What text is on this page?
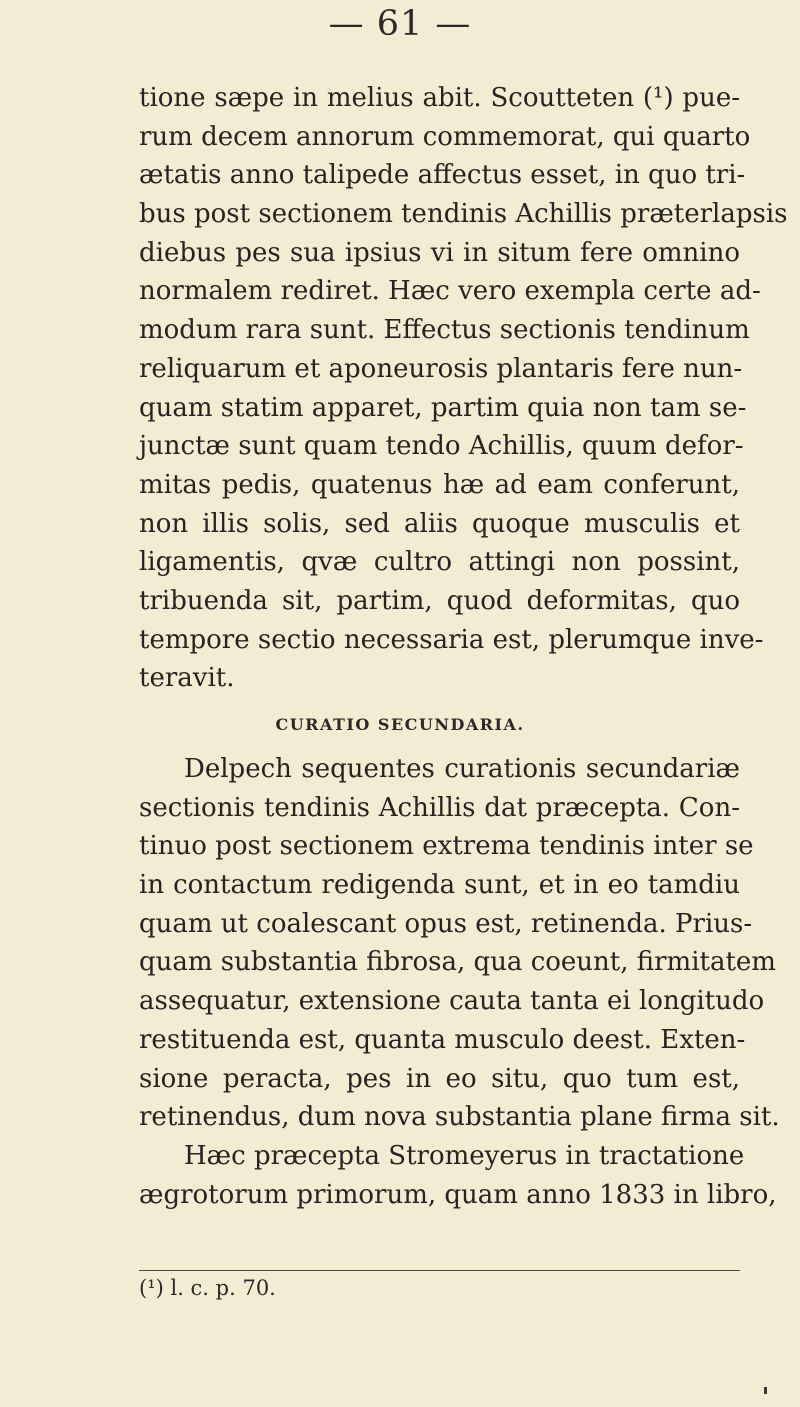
— 61 —
tione sæpe in melius abit. Scoutteten (¹) pue-
rum decem annorum commemorat, qui quarto
ætatis anno talipede affectus esset, in quo tri-
bus post sectionem tendinis Achillis præterlapsis
diebus pes sua ipsius vi in situm fere omnino
normalem rediret. Hæc vero exempla certe ad-
modum rara sunt. Effectus sectionis tendinum
reliquarum et aponeurosis plantaris fere nun-
quam statim apparet, partim quia non tam se-
junctæ sunt quam tendo Achillis, quum defor-
mitas pedis, quatenus hæ ad eam conferunt,
non illis solis, sed aliis quoque musculis et
ligamentis, qvæ cultro attingi non possint,
tribuenda sit, partim, quod deformitas, quo
tempore sectio necessaria est, plerumque inve-
teravit.
CURATIO SECUNDARIA.
Delpech sequentes curationis secundariæ
sectionis tendinis Achillis dat præcepta. Con-
tinuo post sectionem extrema tendinis inter se
in contactum redigenda sunt, et in eo tamdiu
quam ut coalescant opus est, retinenda. Prius-
quam substantia fibrosa, qua coeunt, firmitatem
assequatur, extensione cauta tanta ei longitudo
restituenda est, quanta musculo deest. Exten-
sione peracta, pes in eo situ, quo tum est,
retinendus, dum nova substantia plane firma sit.
Hæc præcepta Stromeyerus in tractatione
ægrotorum primorum, quam anno 1833 in libro,
(¹) l. c. p. 70.
